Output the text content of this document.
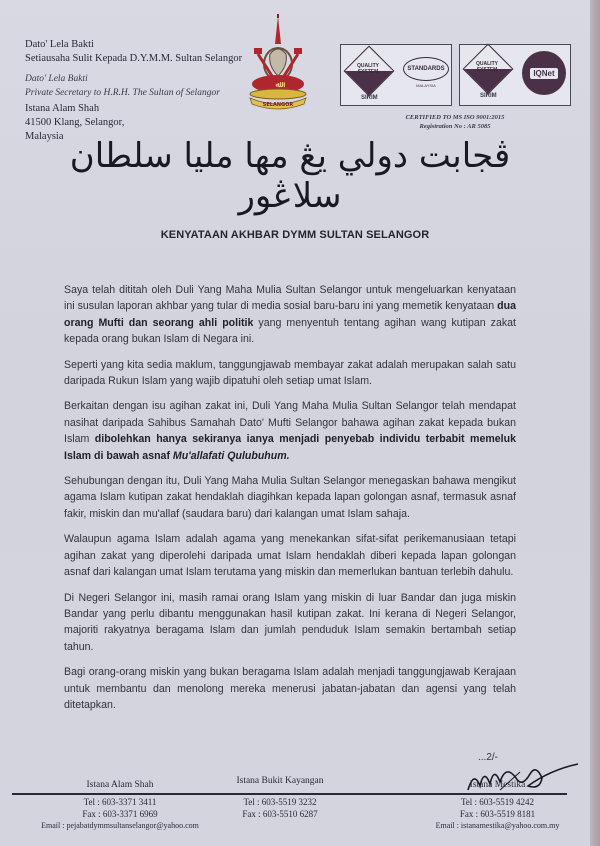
Dato' Lela Bakti
Setiausaha Sulit Kepada D.Y.M.M. Sultan Selangor
Dato' Lela Bakti
Private Secretary to H.R.H. The Sultan of Selangor
Istana Alam Shah
41500 Klang, Selangor,
Malaysia
ﷲ
SELANGOR
QUALITY SYSTEM
SIRIM
STANDARDS
MALAYSIA
QUALITY SYSTEM
SIRIM
IQNet
CERTIFIED TO MS ISO 9001:2015
Registration No : AR 5085
ڤجابت دولي يڠ مها مليا سلطان سلاڠور
KENYATAAN AKHBAR DYMM SULTAN SELANGOR

Saya telah dititah oleh Duli Yang Maha Mulia Sultan Selangor untuk mengeluarkan kenyataan ini susulan laporan akhbar yang tular di media sosial baru-baru ini yang memetik kenyataan dua orang Mufti dan seorang ahli politik yang menyentuh tentang agihan wang kutipan zakat kepada orang bukan Islam di Negara ini.

Seperti yang kita sedia maklum, tanggungjawab membayar zakat adalah merupakan salah satu daripada Rukun Islam yang wajib dipatuhi oleh setiap umat Islam.

Berkaitan dengan isu agihan zakat ini, Duli Yang Maha Mulia Sultan Selangor telah mendapat nasihat daripada Sahibus Samahah Dato' Mufti Selangor bahawa agihan zakat kepada bukan Islam dibolehkan hanya sekiranya ianya menjadi penyebab individu terbabit memeluk Islam di bawah asnaf Mu'allafati Qulubuhum.

Sehubungan dengan itu, Duli Yang Maha Mulia Sultan Selangor menegaskan bahawa mengikut agama Islam kutipan zakat hendaklah diagihkan kepada lapan golongan asnaf, termasuk asnaf fakir, miskin dan mu'allaf (saudara baru) dari kalangan umat Islam sahaja.

Walaupun agama Islam adalah agama yang menekankan sifat-sifat perikemanusiaan tetapi agihan zakat yang diperolehi daripada umat Islam hendaklah diberi kepada lapan golongan asnaf dari kalangan umat Islam terutama yang miskin dan memerlukan bantuan terlebih dahulu.

Di Negeri Selangor ini, masih ramai orang Islam yang miskin di luar Bandar dan juga miskin Bandar yang perlu dibantu menggunakan hasil kutipan zakat. Ini kerana di Negeri Selangor, majoriti rakyatnya beragama Islam dan jumlah penduduk Islam semakin bertambah setiap tahun.

Bagi orang-orang miskin yang bukan beragama Islam adalah menjadi tanggungjawab Kerajaan untuk membantu dan menolong mereka menerusi jabatan-jabatan dan agensi yang telah ditetapkan.

...2/-
Istana Alam Shah
Tel : 603-3371 3411
Fax : 603-3371 6969
Email : pejabatdymmsultanselangor@yahoo.com
Istana Bukit Kayangan
Tel : 603-5519 3232
Fax : 603-5510 6287
Istana Mestika
Tel : 603-5519 4242
Fax : 603-5519 8181
Email : istanamestika@yahoo.com.my
